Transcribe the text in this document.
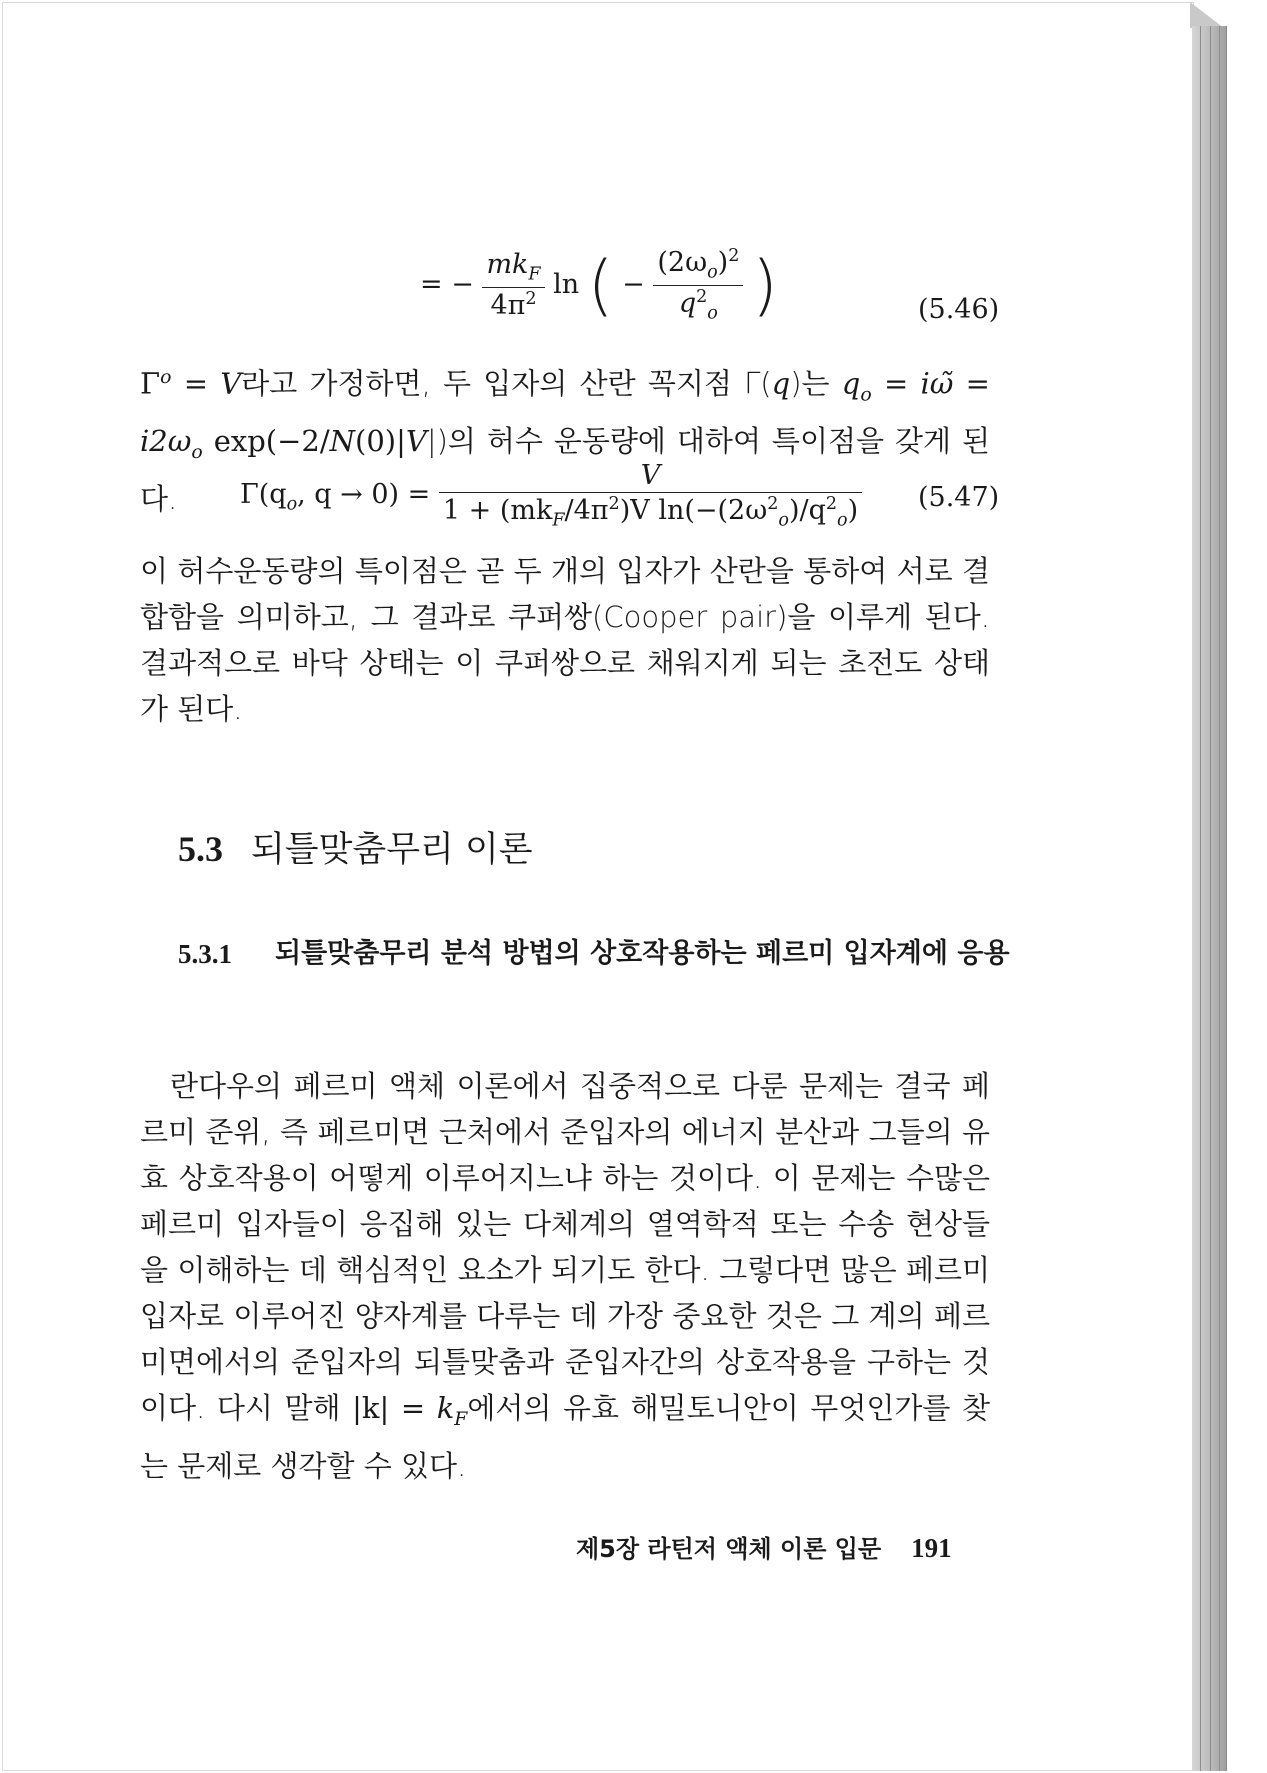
= − $\frac{mk_F}{4\pi^2}$ ln ( − $\frac{(2\omega_o)^2}{q^2_o}$ )	(5.46)

$\Gamma^o = V$라고 가정하면, 두 입자의 산란 꼭지점 Γ(q)는 $q_o$ = iω̃ = $i2\omega_o$ exp(−2/N(0)|V|)의 허수 운동량에 대하여 특이점을 갖게 된다.	$\Gamma(q_o$, $q \to 0) = \frac{V}{1 + (mk_F/4\pi^2)V \ln(-(2\omega^2_o)/q^2_o)} (5.47)$

이 허수운동량의 특이점은 곧 두 개의 입자가 산란을 통하여 서로 결합함을 의미하고, 그 결과로 쿠퍼쌍(Cooper pair)을 이루게 된다. 결과적으로 바닥 상태는 이 쿠퍼쌍으로 채워지게 되는 초전도 상태가 된다.

5.3 되틀맞춤무리 이론
5.3.1 되틀맞춤무리 분석 방법의 상호작용하는 페르미 입자계에 응용

란다우의 페르미 액체 이론에서 집중적으로 다룬 문제는 결국 페르미 준위, 즉 페르미면 근처에서 준입자의 에너지 분산과 그들의 유효 상호작용이 어떻게 이루어지느냐 하는 것이다. 이 문제는 수많은 페르미 입자들이 응집해 있는 다체계의 열역학적 또는 수송 현상들을 이해하는 데 핵심적인 요소가 되기도 한다. 그렇다면 많은 페르미 입자로 이루어진 양자계를 다루는 데 가장 중요한 것은 그 계의 페르미면에서의 준입자의 되틀맞춤과 준입자간의 상호작용을 구하는 것이다. 다시 말해 $|k| = k_F$에서의 유효 해밀토니안이 무엇인가를 찾는 문제로 생각할 수 있다.

제5장 라틴저 액체 이론 입문 191
